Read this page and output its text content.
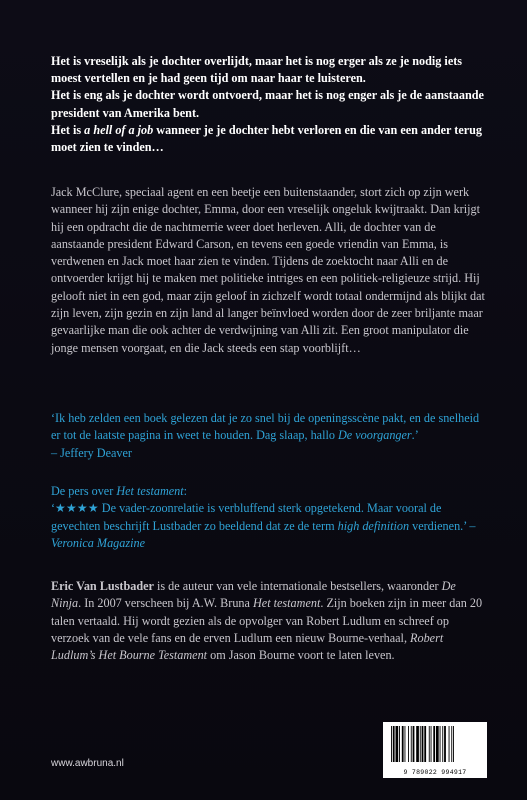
Het is vreselijk als je dochter overlijdt, maar het is nog erger als ze je nodig iets moest vertellen en je had geen tijd om naar haar te luisteren.

Het is eng als je dochter wordt ontvoerd, maar het is nog enger als je de aanstaande president van Amerika bent.

Het is a hell of a job wanneer je je dochter hebt verloren en die van een ander terug moet zien te vinden…

Jack McClure, speciaal agent en een beetje een buitenstaander, stort zich op zijn werk wanneer hij zijn enige dochter, Emma, door een vreselijk ongeluk kwijtraakt. Dan krijgt hij een opdracht die de nachtmerrie weer doet herleven. Alli, de dochter van de aanstaande president Edward Carson, en tevens een goede vriendin van Emma, is verdwenen en Jack moet haar zien te vinden. Tijdens de zoektocht naar Alli en de ontvoerder krijgt hij te maken met politieke intriges en een politiek-religieuze strijd. Hij gelooft niet in een god, maar zijn geloof in zichzelf wordt totaal ondermijnd als blijkt dat zijn leven, zijn gezin en zijn land al langer beïnvloed worden door de zeer briljante maar gevaarlijke man die ook achter de verdwijning van Alli zit. Een groot manipulator die jonge mensen voorgaat, en die Jack steeds een stap voorblijft…

‘Ik heb zelden een boek gelezen dat je zo snel bij de openingsscène pakt, en de snelheid er tot de laatste pagina in weet te houden. Dag slaap, hallo De voorganger.’

– Jeffery Deaver

De pers over Het testament:

‘★★★★ De vader-zoonrelatie is verbluffend sterk opgetekend. Maar vooral de gevechten beschrijft Lustbader zo beeldend dat ze de term high definition verdienen.’ – Veronica Magazine

Eric Van Lustbader is de auteur van vele internationale bestsellers, waaronder De Ninja. In 2007 verscheen bij A.W. Bruna Het testament. Zijn boeken zijn in meer dan 20 talen vertaald. Hij wordt gezien als de opvolger van Robert Ludlum en schreef op verzoek van de vele fans en de erven Ludlum een nieuw Bourne-verhaal, Robert Ludlum’s Het Bourne Testament om Jason Bourne voort te laten leven.

www.awbruna.nl
9 789022 994917
